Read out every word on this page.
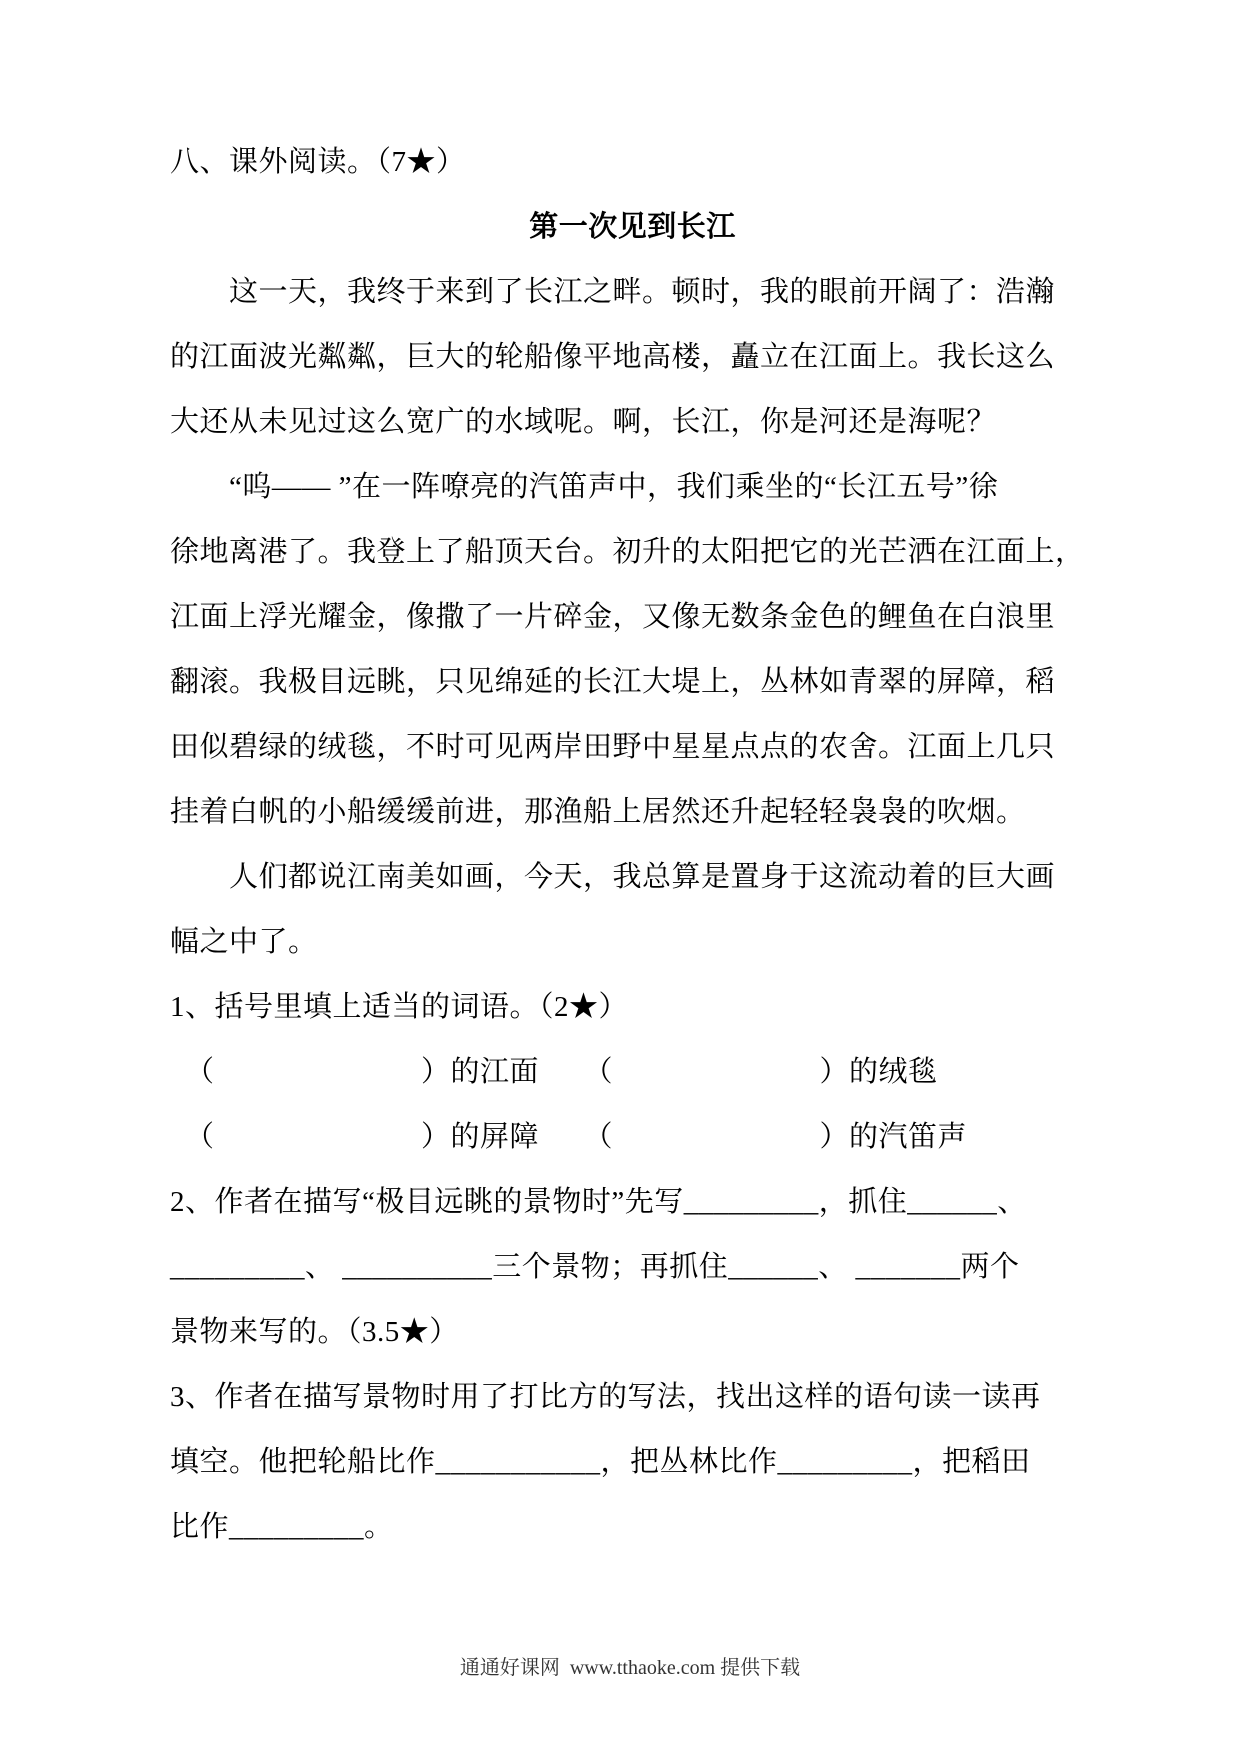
八、课外阅读。（7★）
第一次见到长江
　　这一天，我终于来到了长江之畔。顿时，我的眼前开阔了：浩瀚
的江面波光粼粼，巨大的轮船像平地高楼，矗立在江面上。我长这么
大还从未见过这么宽广的水域呢。啊，长江，你是河还是海呢？
　　“呜—— ”在一阵嘹亮的汽笛声中，我们乘坐的“长江五号”徐
徐地离港了。我登上了船顶天台。初升的太阳把它的光芒洒在江面上，
江面上浮光耀金，像撒了一片碎金，又像无数条金色的鲤鱼在白浪里
翻滚。我极目远眺，只见绵延的长江大堤上，丛林如青翠的屏障，稻
田似碧绿的绒毯，不时可见两岸田野中星星点点的农舍。江面上几只
挂着白帆的小船缓缓前进，那渔船上居然还升起轻轻袅袅的吹烟。
　　人们都说江南美如画，今天，我总算是置身于这流动着的巨大画
幅之中了。
1、括号里填上适当的词语。（2★）
　（　　　　　　　）的江面　　（　　　　　　　）的绒毯
　（　　　　　　　）的屏障　　（　　　　　　　）的汽笛声
2、作者在描写“极目远眺的景物时”先写_________，抓住______、
_________、 __________三个景物；再抓住______、 _______两个
景物来写的。（3.5★）
3、作者在描写景物时用了打比方的写法，找出这样的语句读一读再
填空。他把轮船比作___________，把丛林比作_________，把稻田
比作_________。

通通好课网  www.tthaoke.com 提供下载
